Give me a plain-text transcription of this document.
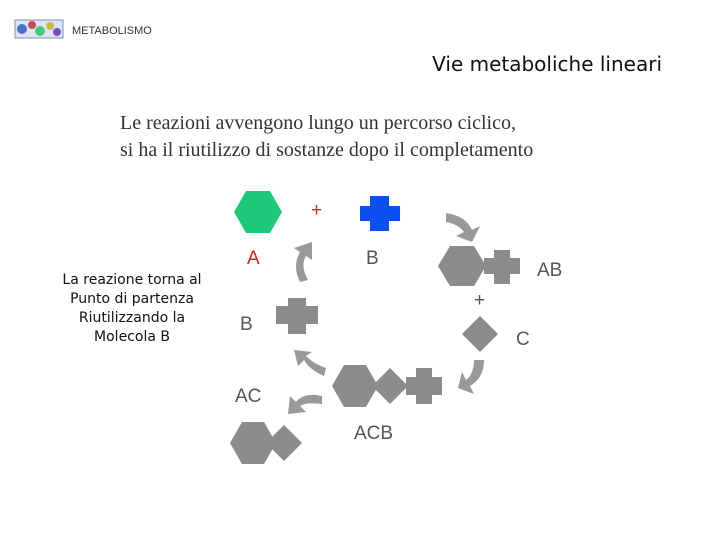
METABOLISMO
Vie metaboliche lineari
Le reazioni avvengono lungo un percorso ciclico,
si ha il riutilizzo di sostanze dopo il completamento
La reazione torna al
Punto di partenza
Riutilizzando la
Molecola B
+
A	B
AB
+
B
C
AC
ACB
